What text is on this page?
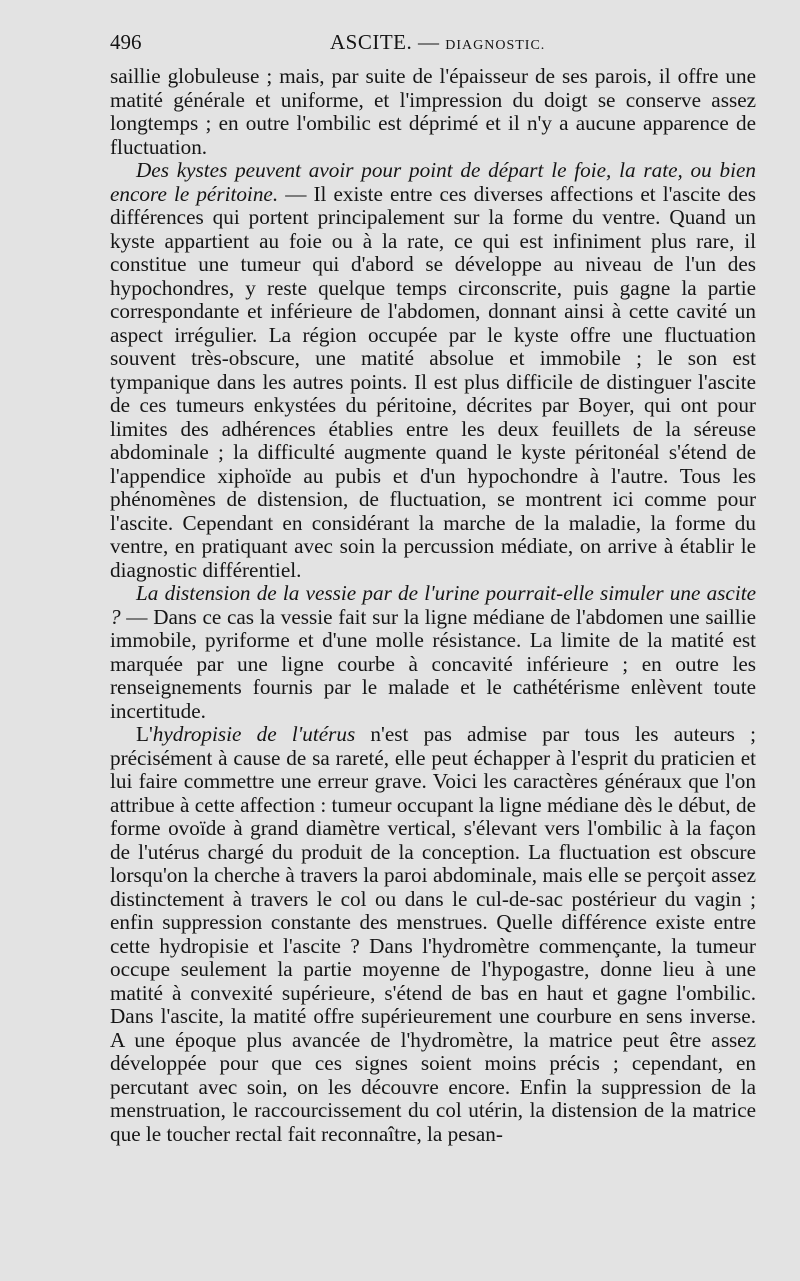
496	ASCITE. — DIAGNOSTIC.

saillie globuleuse ; mais, par suite de l'épaisseur de ses parois, il offre une matité générale et uniforme, et l'impression du doigt se conserve assez longtemps ; en outre l'ombilic est déprimé et il n'y a aucune apparence de fluctuation.

Des kystes peuvent avoir pour point de départ le foie, la rate, ou bien encore le péritoine. — Il existe entre ces diverses affections et l'ascite des différences qui portent principalement sur la forme du ventre. Quand un kyste appartient au foie ou à la rate, ce qui est infiniment plus rare, il constitue une tumeur qui d'abord se développe au niveau de l'un des hypochondres, y reste quelque temps circonscrite, puis gagne la partie correspondante et inférieure de l'abdomen, donnant ainsi à cette cavité un aspect irrégulier. La région occupée par le kyste offre une fluctuation souvent très-obscure, une matité absolue et immobile ; le son est tympanique dans les autres points. Il est plus difficile de distinguer l'ascite de ces tumeurs enkystées du péritoine, décrites par Boyer, qui ont pour limites des adhérences établies entre les deux feuillets de la séreuse abdominale ; la difficulté augmente quand le kyste péritonéal s'étend de l'appendice xiphoïde au pubis et d'un hypochondre à l'autre. Tous les phénomènes de distension, de fluctuation, se montrent ici comme pour l'ascite. Cependant en considérant la marche de la maladie, la forme du ventre, en pratiquant avec soin la percussion médiate, on arrive à établir le diagnostic différentiel.

La distension de la vessie par de l'urine pourrait-elle simuler une ascite ? — Dans ce cas la vessie fait sur la ligne médiane de l'abdomen une saillie immobile, pyriforme et d'une molle résistance. La limite de la matité est marquée par une ligne courbe à concavité inférieure ; en outre les renseignements fournis par le malade et le cathétérisme enlèvent toute incertitude.

L'hydropisie de l'utérus n'est pas admise par tous les auteurs ; précisément à cause de sa rareté, elle peut échapper à l'esprit du praticien et lui faire commettre une erreur grave. Voici les caractères généraux que l'on attribue à cette affection : tumeur occupant la ligne médiane dès le début, de forme ovoïde à grand diamètre vertical, s'élevant vers l'ombilic à la façon de l'utérus chargé du produit de la conception. La fluctuation est obscure lorsqu'on la cherche à travers la paroi abdominale, mais elle se perçoit assez distinctement à travers le col ou dans le cul-de-sac postérieur du vagin ; enfin suppression constante des menstrues. Quelle différence existe entre cette hydropisie et l'ascite ? Dans l'hydromètre commençante, la tumeur occupe seulement la partie moyenne de l'hypogastre, donne lieu à une matité à convexité supérieure, s'étend de bas en haut et gagne l'ombilic. Dans l'ascite, la matité offre supérieurement une courbure en sens inverse. A une époque plus avancée de l'hydromètre, la matrice peut être assez développée pour que ces signes soient moins précis ; cependant, en percutant avec soin, on les découvre encore. Enfin la suppression de la menstruation, le raccourcissement du col utérin, la distension de la matrice que le toucher rectal fait reconnaître, la pesan-
